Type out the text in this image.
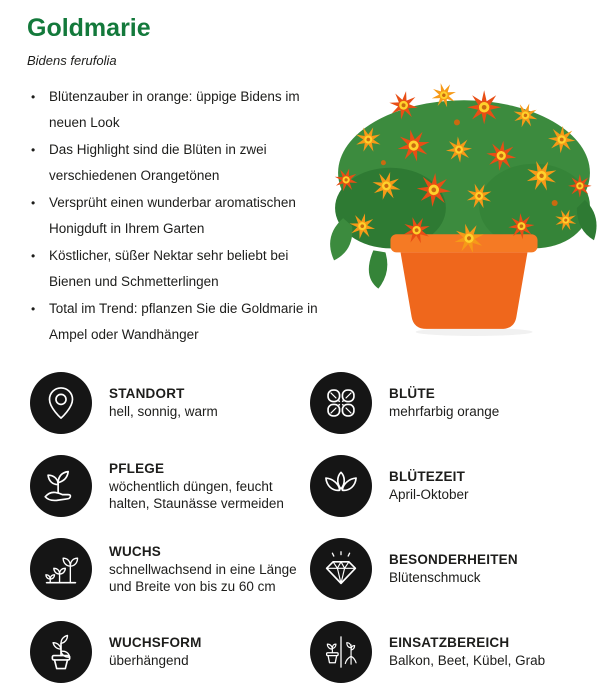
Goldmarie
Bidens ferufolia
• Blütenzauber in orange: üppige Bidens im neuen Look
• Das Highlight sind die Blüten in zwei verschiedenen Orangetönen
• Versprüht einen wunderbar aromatischen Honigduft in Ihrem Garten
• Köstlicher, süßer Nektar sehr beliebt bei Bienen und Schmetterlingen
• Total im Trend: pflanzen Sie die Goldmarie in Ampel oder Wandhänger
STANDORT
hell, sonnig, warm
BLÜTE
mehrfarbig orange
PFLEGE
wöchentlich düngen, feucht halten, Staunässe vermeiden
BLÜTEZEIT
April-Oktober
WUCHS
schnellwachsend in eine Länge und Breite von bis zu 60 cm
BESONDERHEITEN
Blütenschmuck
WUCHSFORM
überhängend
EINSATZBEREICH
Balkon, Beet, Kübel, Grab
